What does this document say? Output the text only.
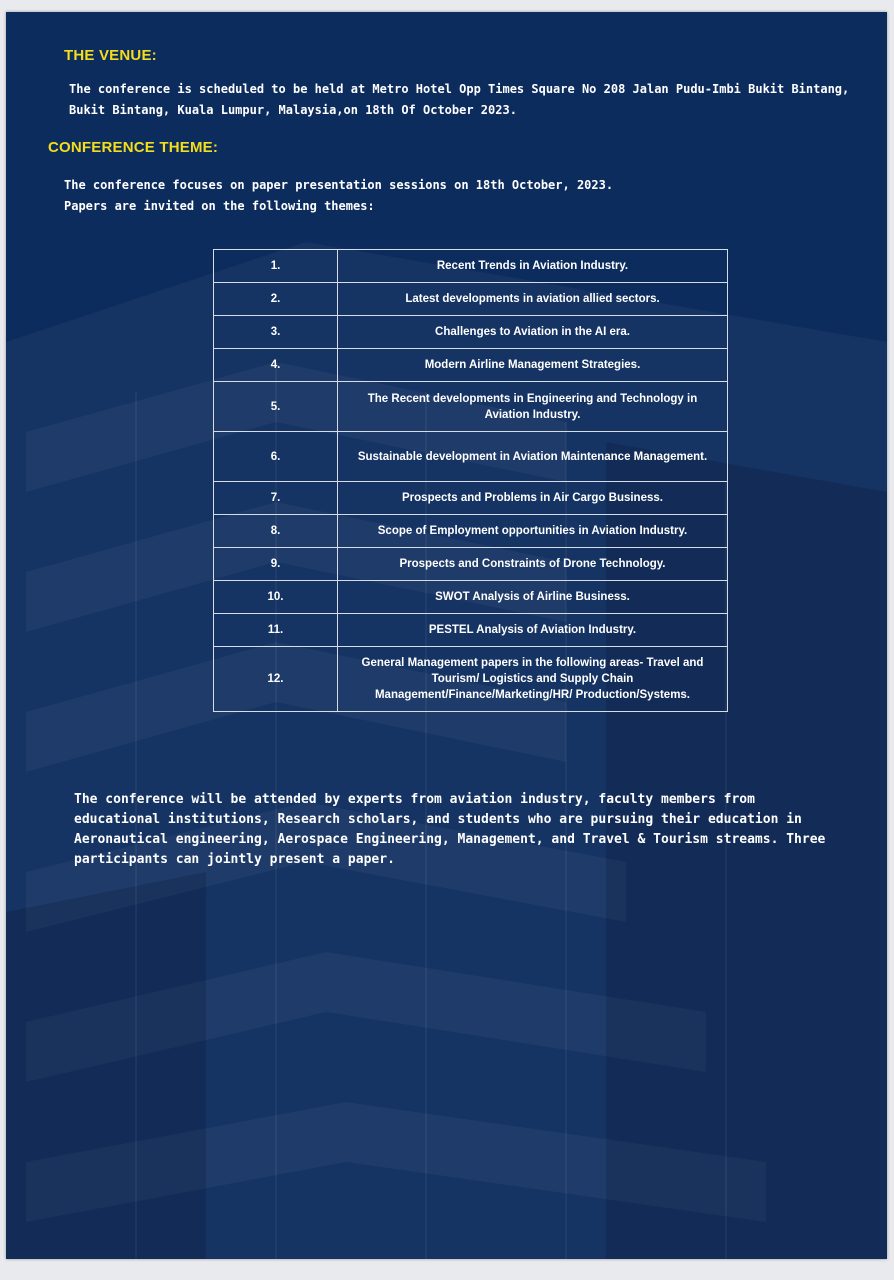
THE VENUE:

The conference is scheduled to be held at Metro Hotel Opp Times Square No 208 Jalan Pudu-Imbi Bukit Bintang, Bukit Bintang, Kuala Lumpur, Malaysia,on 18th Of October 2023.

CONFERENCE THEME:

The conference focuses on paper presentation sessions on 18th October, 2023.
Papers are invited on the following themes:

1.	Recent Trends in Aviation Industry.
2.	Latest developments in aviation allied sectors.
3.	Challenges to Aviation in the AI era.
4.	Modern Airline Management Strategies.
5.	The Recent developments in Engineering and Technology in Aviation Industry.
6.	Sustainable development in Aviation Maintenance Management.
7.	Prospects and Problems in Air Cargo Business.
8.	Scope of Employment opportunities in Aviation Industry.
9.	Prospects and Constraints of Drone Technology.
10.	SWOT Analysis of Airline Business.
11.	PESTEL Analysis of Aviation Industry.
12.	General Management papers in the following areas- Travel and Tourism/ Logistics and Supply Chain Management/Finance/Marketing/HR/ Production/Systems.

The conference will be attended by experts from aviation industry, faculty members from educational institutions, Research scholars, and students who are pursuing their education in Aeronautical engineering, Aerospace Engineering, Management, and Travel & Tourism streams. Three participants can jointly present a paper.
